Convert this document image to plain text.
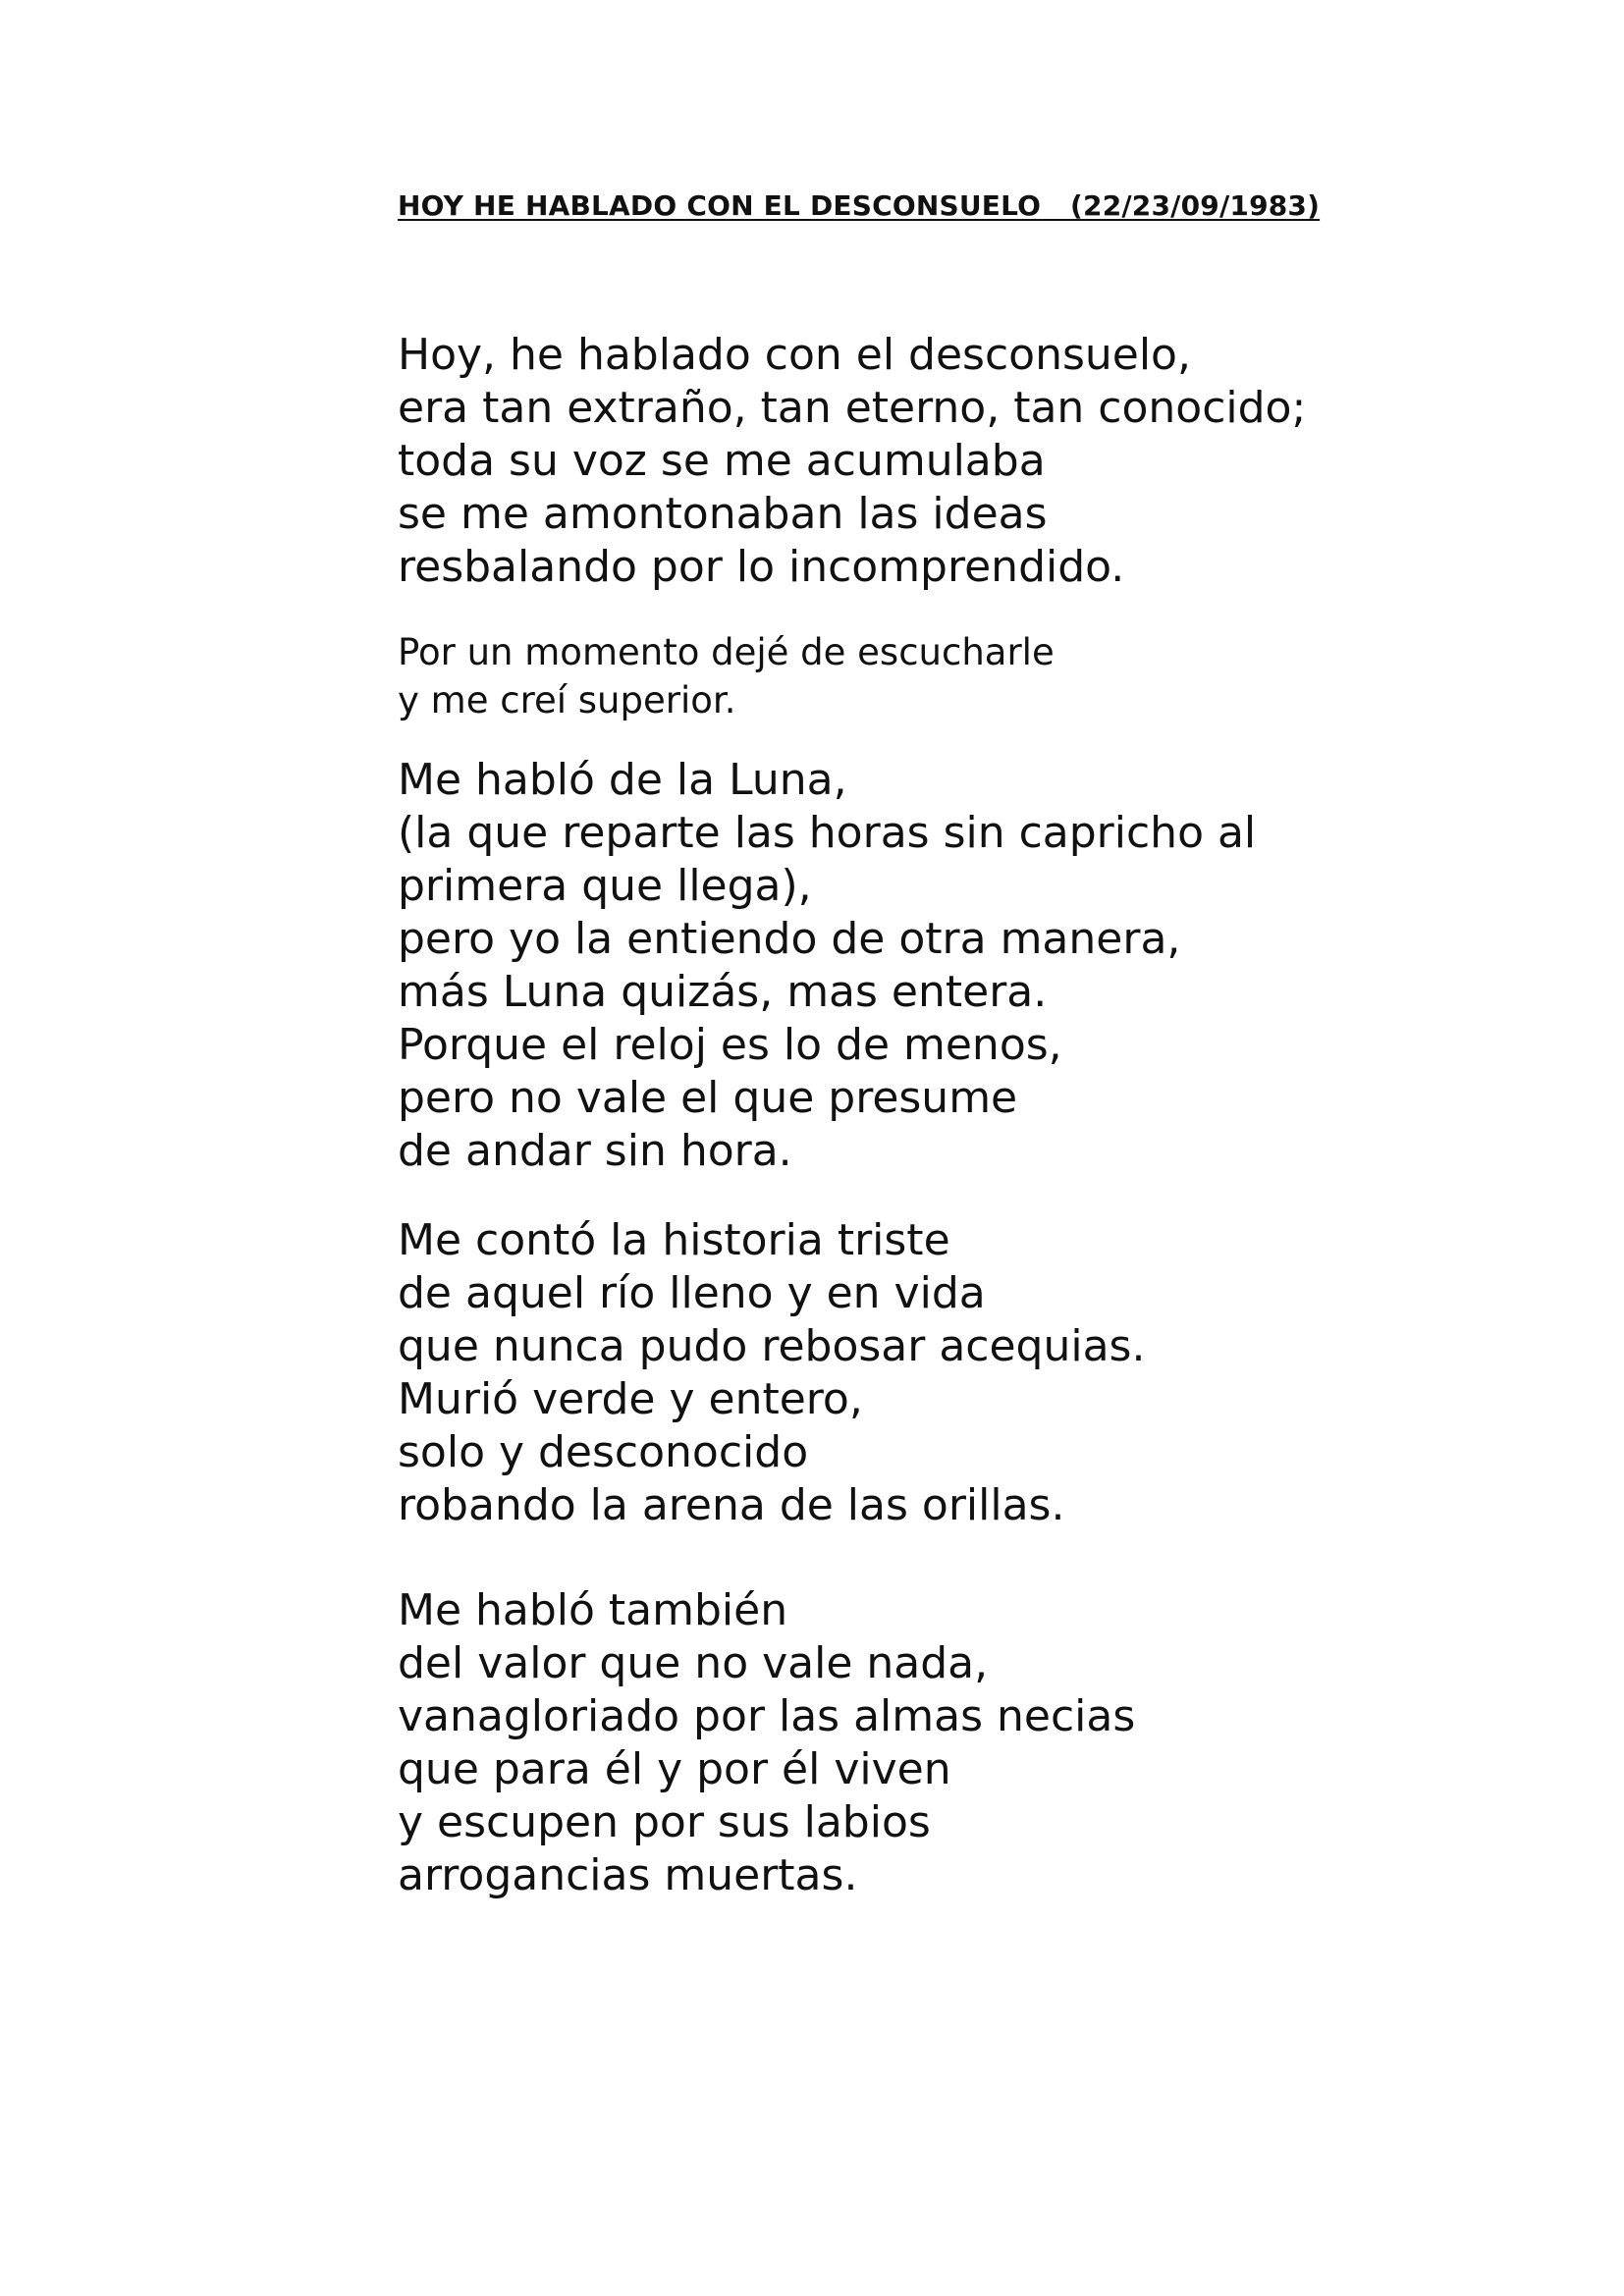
HOY HE HABLADO CON EL DESCONSUELO   (22/23/09/1983)
Hoy, he hablado con el desconsuelo,
era tan extraño, tan eterno, tan conocido;
toda su voz se me acumulaba
se me amontonaban las ideas
resbalando por lo incomprendido.
Por un momento dejé de escucharle
y me creí superior.
Me habló de la Luna,
(la que reparte las horas sin capricho al
primera que llega),
pero yo la entiendo de otra manera,
más Luna quizás, mas entera.
Porque el reloj es lo de menos,
pero no vale el que presume
de andar sin hora.
Me contó la historia triste
de aquel río lleno y en vida
que nunca pudo rebosar acequias.
Murió verde y entero,
solo y desconocido
robando la arena de las orillas.
Me habló también
del valor que no vale nada,
vanagloriado por las almas necias
que para él y por él viven
y escupen por sus labios
arrogancias muertas.
